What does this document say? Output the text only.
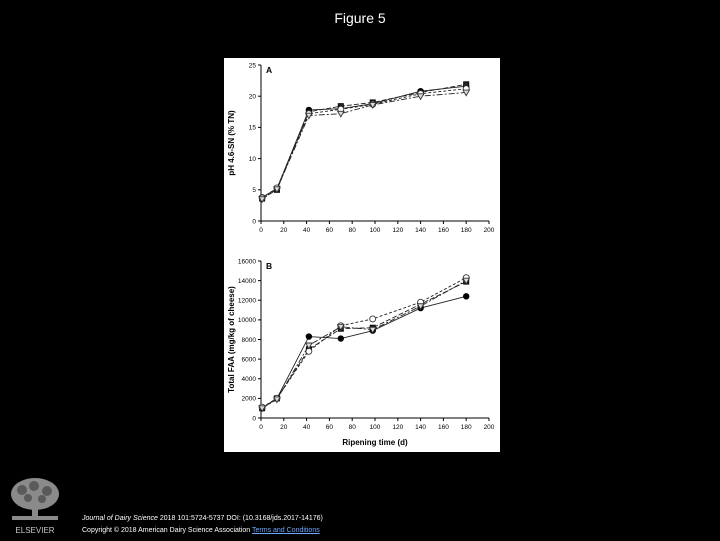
Figure 5
0	20 40 60 80 100 120 140 160 180 200
0
5
10
15
20
25 A
pH 4.6-SN (% TN)
0	20 40 60 80 100 120 140 160 180 200
0
2000
4000
6000
8000
10000
12000
14000
16000 B
Total FAA (mg/kg of cheese)
Ripening time (d)
ELSEVIER
Journal of Dairy Science 2018 101:5724-5737 DOI: (10.3168/jds.2017-14176)
Copyright © 2018 American Dairy Science Association Terms and Conditions
